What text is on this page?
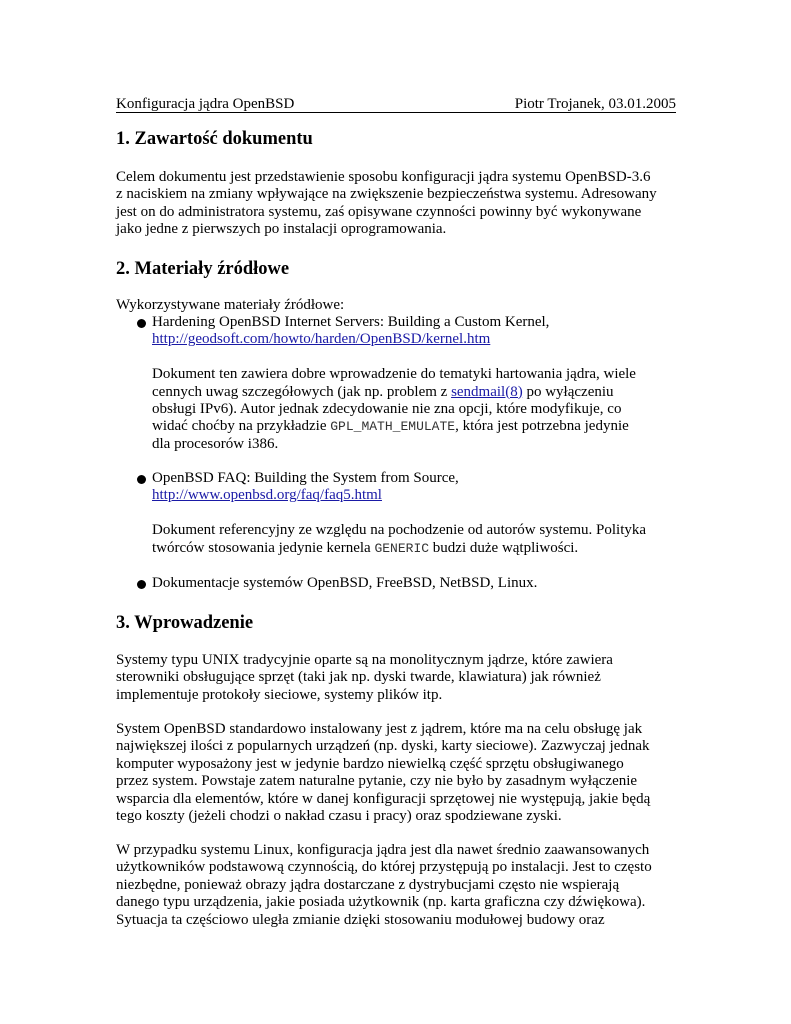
Konfiguracja jądra OpenBSD	Piotr Trojanek, 03.01.2005
1. Zawartość dokumentu
Celem dokumentu jest przedstawienie sposobu konfiguracji jądra systemu OpenBSD-3.6
z naciskiem na zmiany wpływające na zwiększenie bezpieczeństwa systemu. Adresowany
jest on do administratora systemu, zaś opisywane czynności powinny być wykonywane
jako jedne z pierwszych po instalacji oprogramowania.
2. Materiały źródłowe
Wykorzystywane materiały źródłowe:
Hardening OpenBSD Internet Servers: Building a Custom Kernel,
http://geodsoft.com/howto/harden/OpenBSD/kernel.htm
Dokument ten zawiera dobre wprowadzenie do tematyki hartowania jądra, wiele
cennych uwag szczegółowych (jak np. problem z sendmail(8) po wyłączeniu
obsługi IPv6). Autor jednak zdecydowanie nie zna opcji, które modyfikuje, co
widać choćby na przykładzie GPL_MATH_EMULATE, która jest potrzebna jedynie
dla procesorów i386.
OpenBSD FAQ: Building the System from Source,
http://www.openbsd.org/faq/faq5.html
Dokument referencyjny ze względu na pochodzenie od autorów systemu. Polityka
twórców stosowania jedynie kernela GENERIC budzi duże wątpliwości.
Dokumentacje systemów OpenBSD, FreeBSD, NetBSD, Linux.
3. Wprowadzenie
Systemy typu UNIX tradycyjnie oparte są na monolitycznym jądrze, które zawiera
sterowniki obsługujące sprzęt (taki jak np. dyski twarde, klawiatura) jak również
implementuje protokoły sieciowe, systemy plików itp.
System OpenBSD standardowo instalowany jest z jądrem, które ma na celu obsługę jak
największej ilości z popularnych urządzeń (np. dyski, karty sieciowe). Zazwyczaj jednak
komputer wyposażony jest w jedynie bardzo niewielką część sprzętu obsługiwanego
przez system. Powstaje zatem naturalne pytanie, czy nie było by zasadnym wyłączenie
wsparcia dla elementów, które w danej konfiguracji sprzętowej nie występują, jakie będą
tego koszty (jeżeli chodzi o nakład czasu i pracy) oraz spodziewane zyski.
W przypadku systemu Linux, konfiguracja jądra jest dla nawet średnio zaawansowanych
użytkowników podstawową czynnością, do której przystępują po instalacji. Jest to często
niezbędne, ponieważ obrazy jądra dostarczane z dystrybucjami często nie wspierają
danego typu urządzenia, jakie posiada użytkownik (np. karta graficzna czy dźwiękowa).
Sytuacja ta częściowo uległa zmianie dzięki stosowaniu modułowej budowy oraz
